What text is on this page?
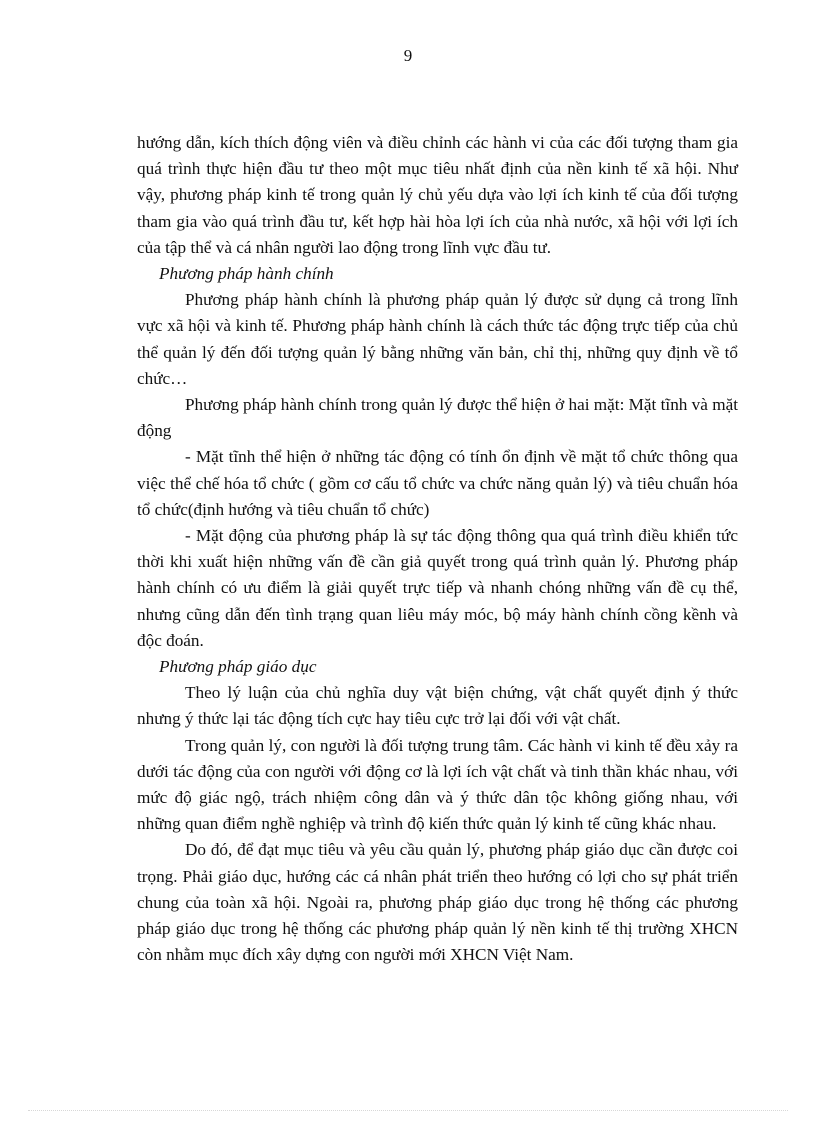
9

hướng dẫn, kích thích động viên và điều chỉnh các hành vi của các đối tượng tham gia quá trình thực hiện đầu tư theo một mục tiêu nhất định của nền kinh tế xã hội. Như vậy, phương pháp kinh tế trong quản lý chủ yếu dựa vào lợi ích kinh tế của đối tượng tham gia vào quá trình đầu tư, kết hợp hài hòa lợi ích của nhà nước, xã hội với lợi ích của tập thể và cá nhân người lao động trong lĩnh vực đầu tư.

Phương pháp hành chính

Phương pháp hành chính là phương pháp quản lý được sử dụng cả trong lĩnh vực xã hội và kinh tế. Phương pháp hành chính là cách thức tác động trực tiếp của chủ thể quản lý đến đối tượng quản lý bằng những văn bản, chỉ thị, những quy định về tổ chức…

Phương pháp hành chính trong quản lý được thể hiện ở hai mặt: Mặt tĩnh và mặt động

- Mặt tĩnh thể hiện ở những tác động có tính ổn định về mặt tổ chức thông qua việc thể chế hóa tổ chức ( gồm cơ cấu tổ chức va chức năng quản lý) và tiêu chuẩn hóa tổ chức(định hướng và tiêu chuẩn tổ chức)

- Mặt động của phương pháp là sự tác động thông qua quá trình điều khiển tức thời khi xuất hiện những vấn đề cần giả quyết trong quá trình quản lý. Phương pháp hành chính có ưu điểm là giải quyết trực tiếp và nhanh chóng những vấn đề cụ thể, nhưng cũng dẫn đến tình trạng quan liêu máy móc, bộ máy hành chính cồng kềnh và độc đoán.

Phương pháp giáo dục

Theo lý luận của chủ nghĩa duy vật biện chứng, vật chất quyết định ý thức nhưng ý thức lại tác động tích cực hay tiêu cực trở lại đối với vật chất.

Trong quản lý, con người là đối tượng trung tâm. Các hành vi kinh tế đều xảy ra dưới tác động của con người với động cơ là lợi ích vật chất và tinh thần khác nhau, với mức độ giác ngộ, trách nhiệm công dân và ý thức dân tộc không giống nhau, với những quan điểm nghề nghiệp và trình độ kiến thức quản lý kinh tế cũng khác nhau.

Do đó, để đạt mục tiêu và yêu cầu quản lý, phương pháp giáo dục cần được coi trọng. Phải giáo dục, hướng các cá nhân phát triển theo hướng có lợi cho sự phát triển chung của toàn xã hội. Ngoài ra, phương pháp giáo dục trong hệ thống các phương pháp giáo dục trong hệ thống các phương pháp quản lý nền kinh tế thị trường XHCN còn nhằm mục đích xây dựng con người mới XHCN Việt Nam.
